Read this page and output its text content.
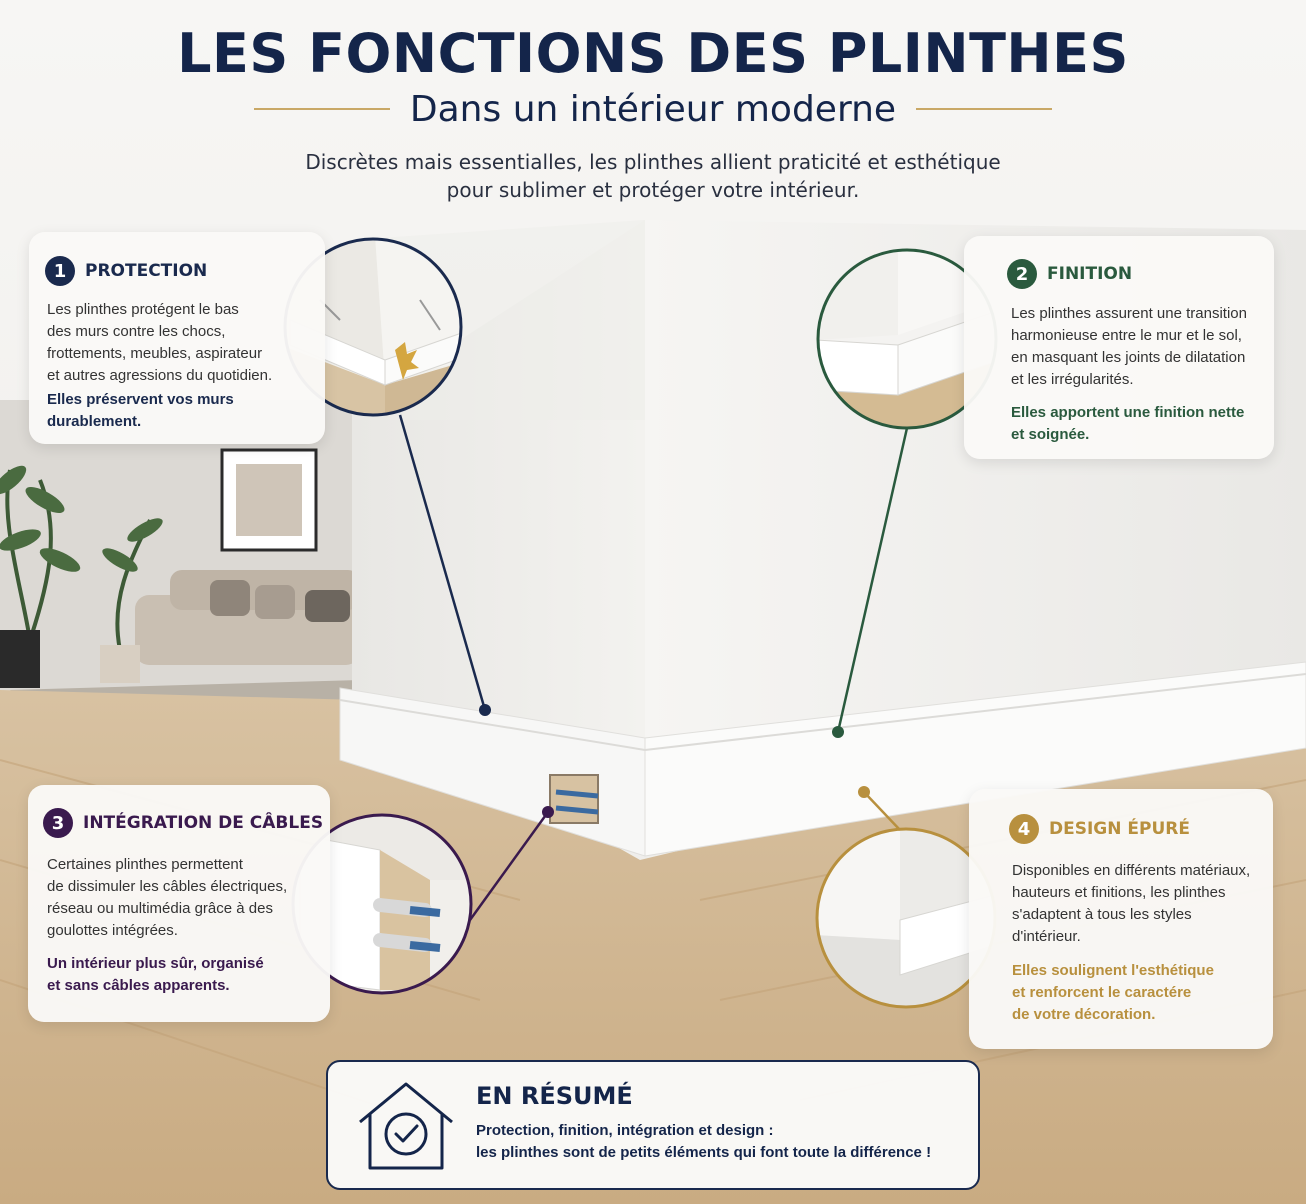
LES FONCTIONS DES PLINTHES
Dans un intérieur moderne
Discrètes mais essentialles, les plinthes allient praticité et esthétique
pour sublimer et protéger votre intérieur.
1	PROTECTION
Les plinthes protégent le bas
des murs contre les chocs,
frottements, meubles, aspirateur
et autres agressions du quotidien.
Elles préservent vos murs
durablement.
2	FINITION
Les plinthes assurent une transition
harmonieuse entre le mur et le sol,
en masquant les joints de dilatation
et les irrégularités.
Elles apportent une finition nette
et soignée.
3	INTÉGRATION DE CÂBLES
Certaines plinthes permettent
de dissimuler les câbles électriques,
réseau ou multimédia grâce à des
goulottes intégrées.
Un intérieur plus sûr, organisé
et sans câbles apparents.
4	DESIGN ÉPURÉ
Disponibles en différents matériaux,
hauteurs et finitions, les plinthes
s'adaptent à tous les styles
d'intérieur.
Elles soulignent l'esthétique
et renforcent le caractére
de votre décoration.
EN RÉSUMÉ
Protection, finition, intégration et design :
les plinthes sont de petits éléments qui font toute la différence !
